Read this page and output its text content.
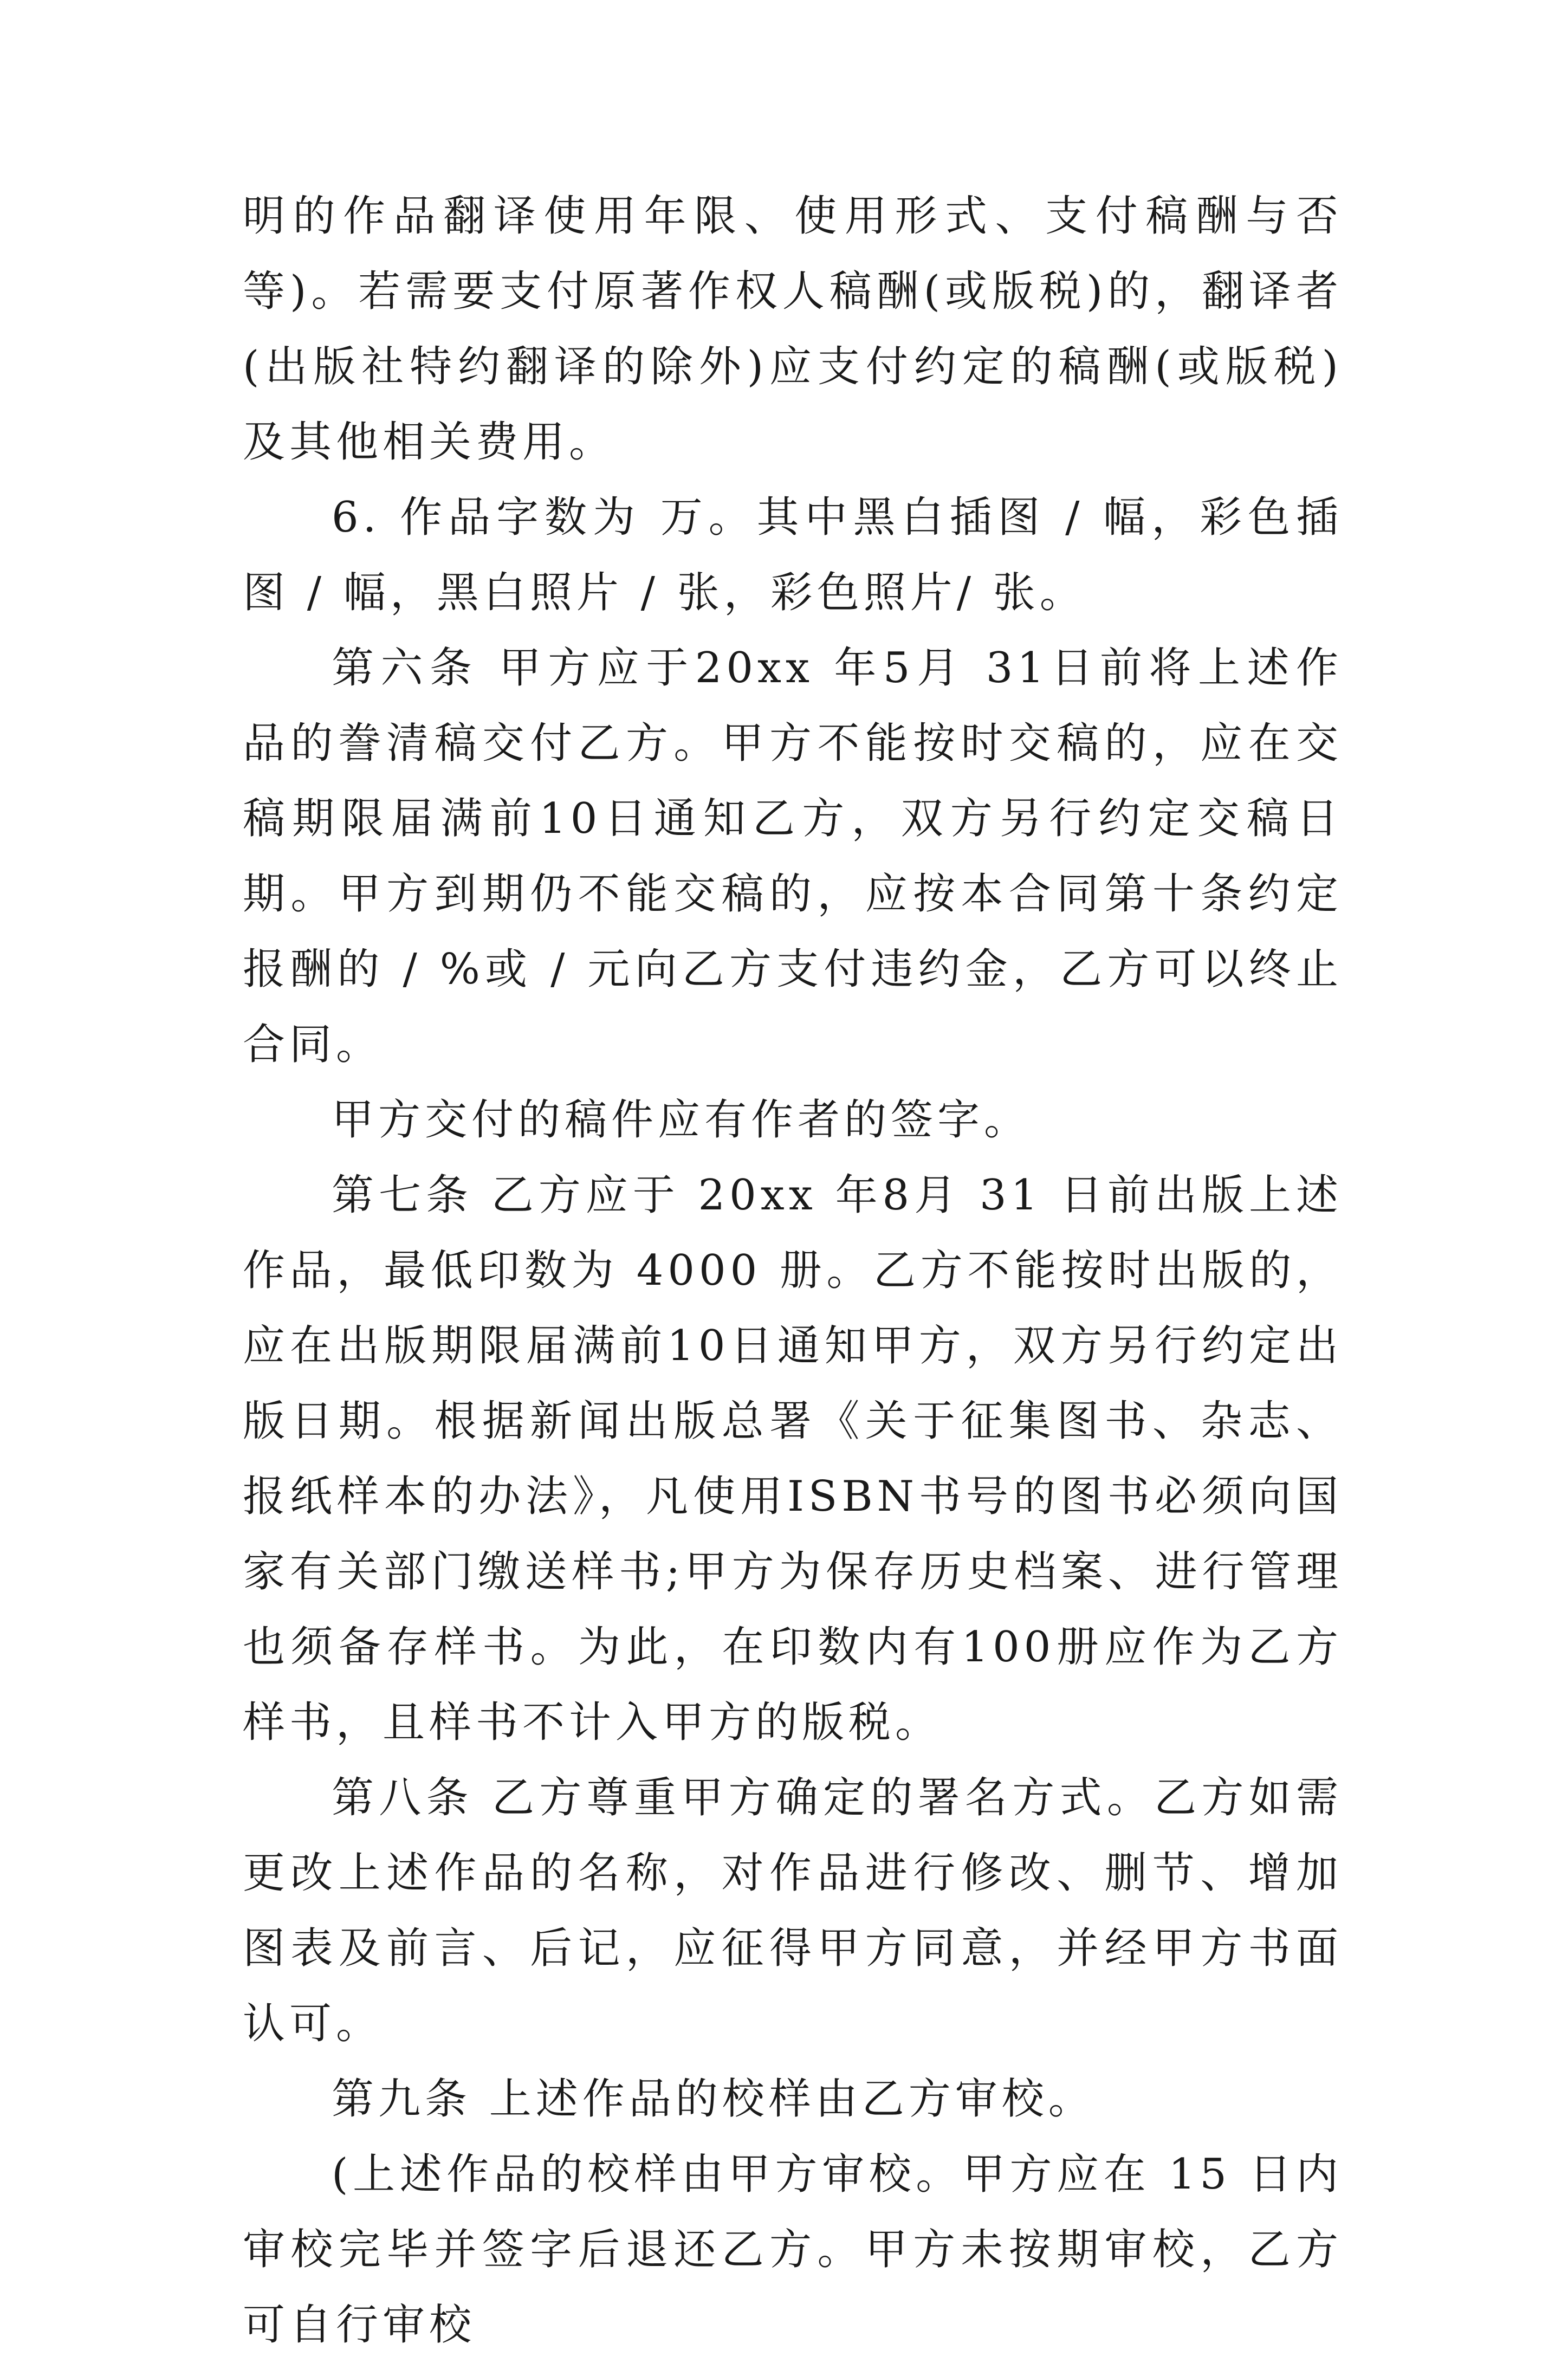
明的作品翻译使用年限、使用形式、支付稿酬与否等)。若需要支付原著作权人稿酬(或版税)的，翻译者(出版社特约翻译的除外)应支付约定的稿酬(或版税)及其他相关费用。

6. 作品字数为 万。其中黑白插图 / 幅，彩色插图 / 幅，黑白照片 / 张，彩色照片/ 张。

第六条 甲方应于20xx 年5月 31日前将上述作品的誊清稿交付乙方。甲方不能按时交稿的，应在交稿期限届满前10日通知乙方，双方另行约定交稿日期。甲方到期仍不能交稿的，应按本合同第十条约定报酬的 / %或 / 元向乙方支付违约金，乙方可以终止合同。

甲方交付的稿件应有作者的签字。

第七条 乙方应于 20xx 年8月 31 日前出版上述作品，最低印数为 4000 册。乙方不能按时出版的，应在出版期限届满前10日通知甲方，双方另行约定出版日期。根据新闻出版总署《关于征集图书、杂志、报纸样本的办法》，凡使用ISBN书号的图书必须向国家有关部门缴送样书;甲方为保存历史档案、进行管理也须备存样书。为此，在印数内有100册应作为乙方样书，且样书不计入甲方的版税。

第八条 乙方尊重甲方确定的署名方式。乙方如需更改上述作品的名称，对作品进行修改、删节、增加图表及前言、后记，应征得甲方同意，并经甲方书面认可。

第九条 上述作品的校样由乙方审校。

(上述作品的校样由甲方审校。甲方应在 15 日内审校完毕并签字后退还乙方。甲方未按期审校，乙方可自行审校
